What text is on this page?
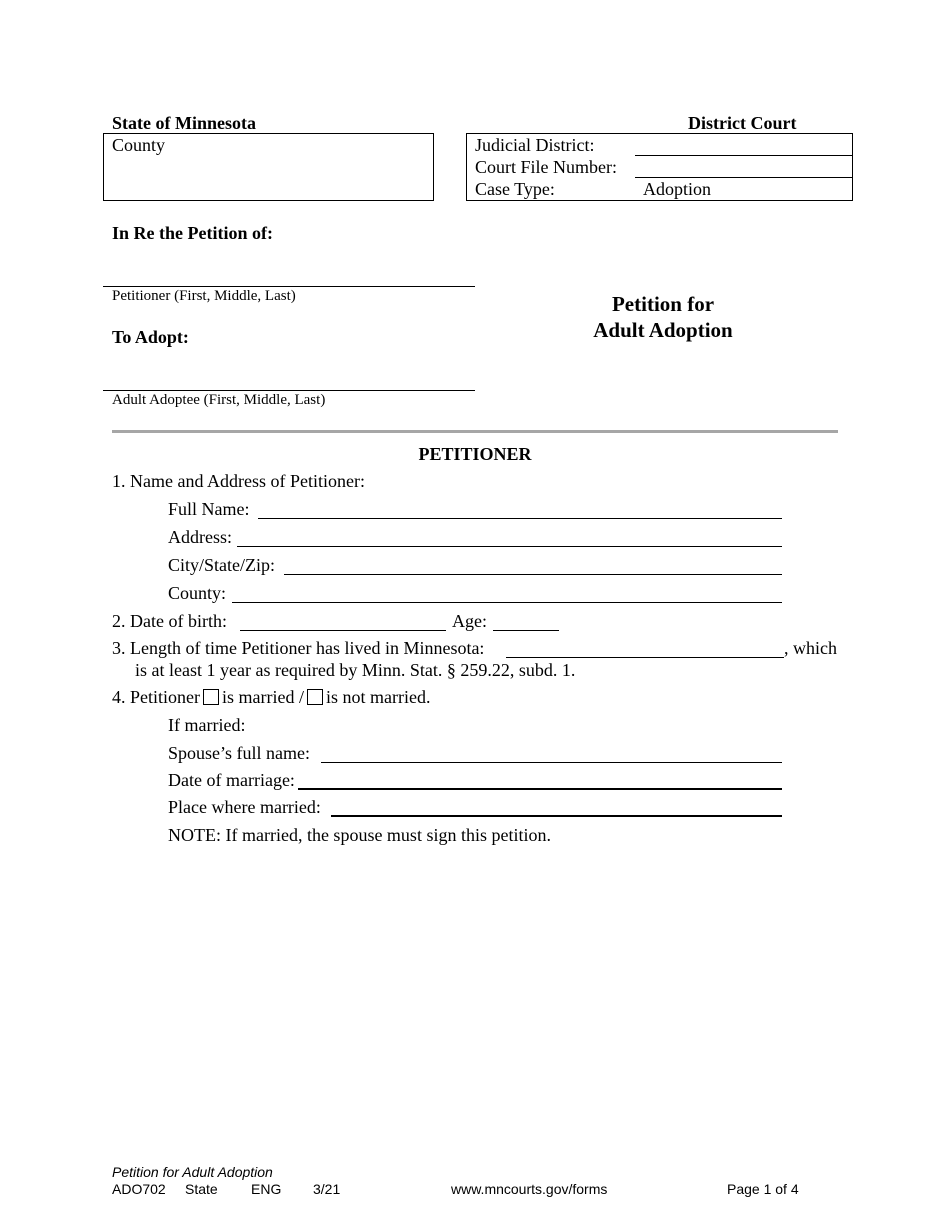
State of Minnesota	District Court
County	Judicial District:
Court File Number:
Case Type:	Adoption
In Re the Petition of:
Petitioner (First, Middle, Last)
To Adopt:
Adult Adoptee (First, Middle, Last)
Petition for
Adult Adoption
PETITIONER
1. Name and Address of Petitioner:
Full Name:
Address:
City/State/Zip:
County:
2. Date of birth:	Age:
3. Length of time Petitioner has lived in Minnesota:	, which
is at least 1 year as required by Minn. Stat. § 259.22, subd. 1.
4. Petitioner is married / is not married.
If married:
Spouse’s full name:
Date of marriage:
Place where married:
NOTE: If married, the spouse must sign this petition.
Petition for Adult Adoption
ADO702 State ENG 3/21	www.mncourts.gov/forms	Page 1 of 4
